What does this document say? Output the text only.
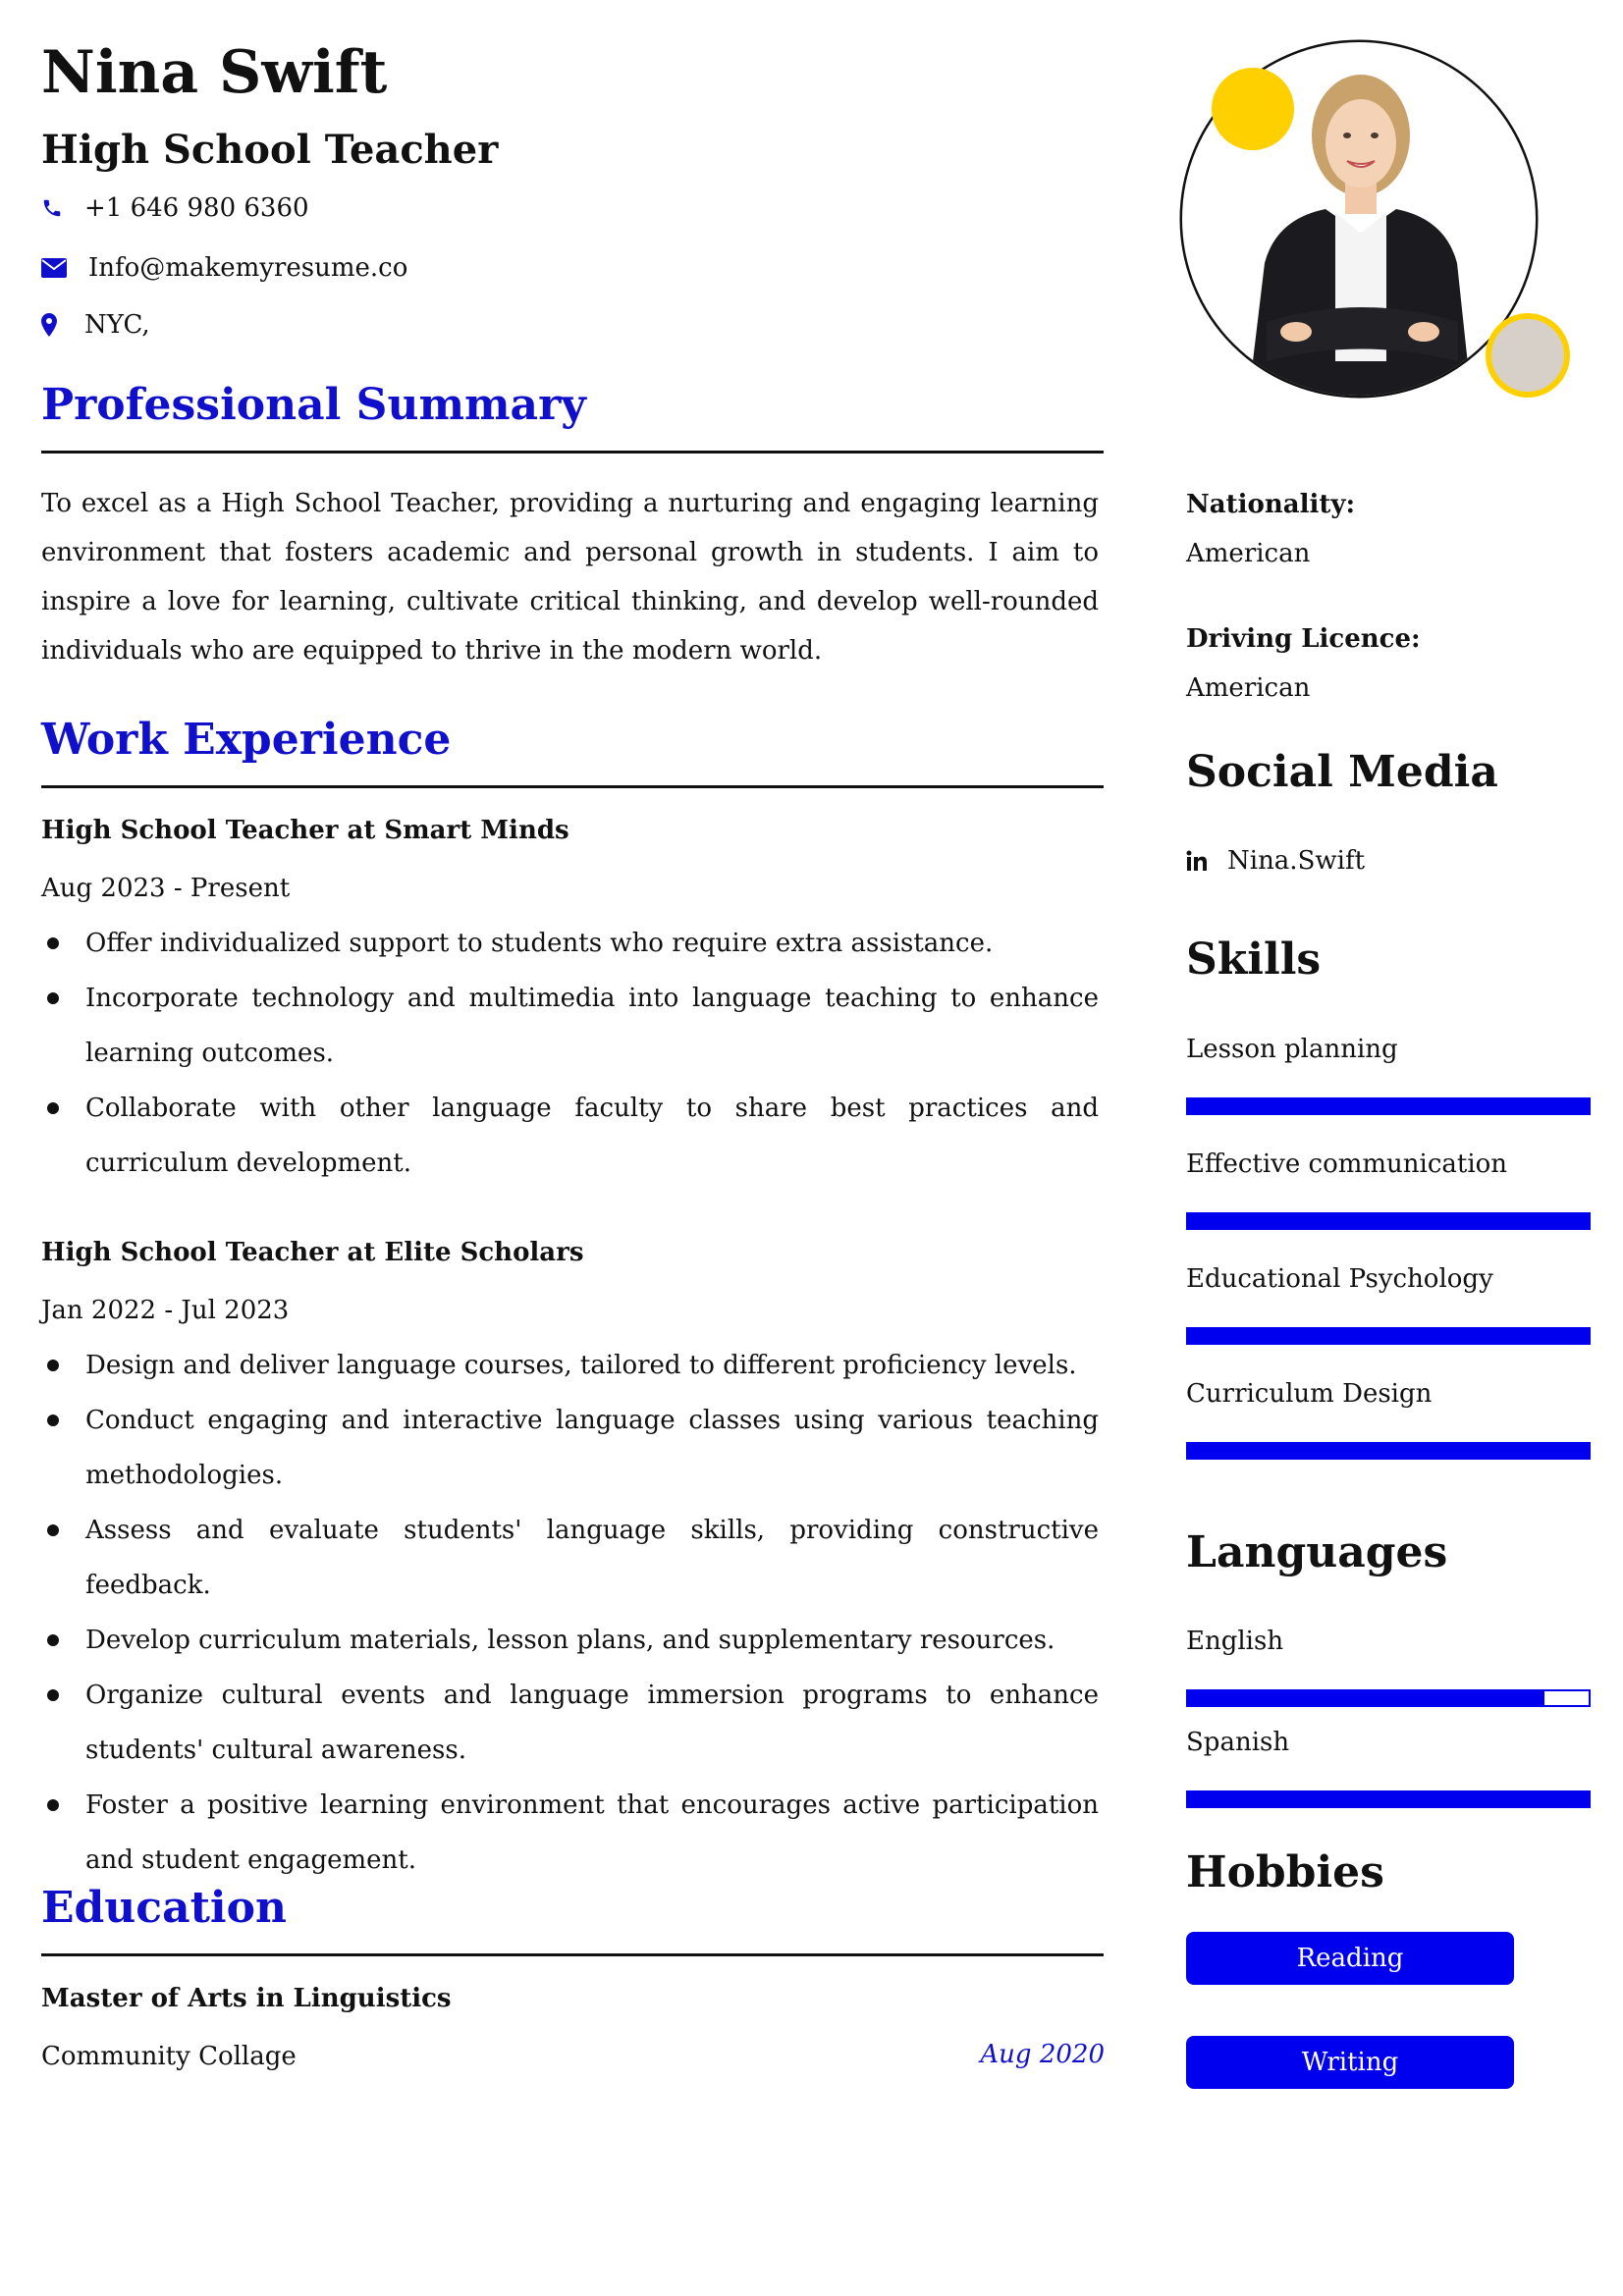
Nina Swift
High School Teacher
+1 646 980 6360
Info@makemyresume.co
NYC,
Professional Summary

To excel as a High School Teacher, providing a nurturing and engaging learning environment that fosters academic and personal growth in students. I aim to inspire a love for learning, cultivate critical thinking, and develop well-rounded individuals who are equipped to thrive in the modern world.

Work Experience
High School Teacher at Smart Minds

Aug 2023 - Present

Offer individualized support to students who require extra assistance.
Incorporate technology and multimedia into language teaching to enhance learning outcomes.
Collaborate with other language faculty to share best practices and curriculum development.
High School Teacher at Elite Scholars

Jan 2022 - Jul 2023

Design and deliver language courses, tailored to different proficiency levels.
Conduct engaging and interactive language classes using various teaching methodologies.
Assess and evaluate students' language skills, providing constructive feedback.
Develop curriculum materials, lesson plans, and supplementary resources.
Organize cultural events and language immersion programs to enhance students' cultural awareness.
Foster a positive learning environment that encourages active participation and student engagement.
Education
Master of Arts in Linguistics

Community Collage	Aug 2020

Nationality:

American

Driving Licence:

American

Social Media
Nina.Swift
Skills

Lesson planning

Effective communication

Educational Psychology

Curriculum Design

Languages

English

Spanish

Hobbies
Reading
Writing
